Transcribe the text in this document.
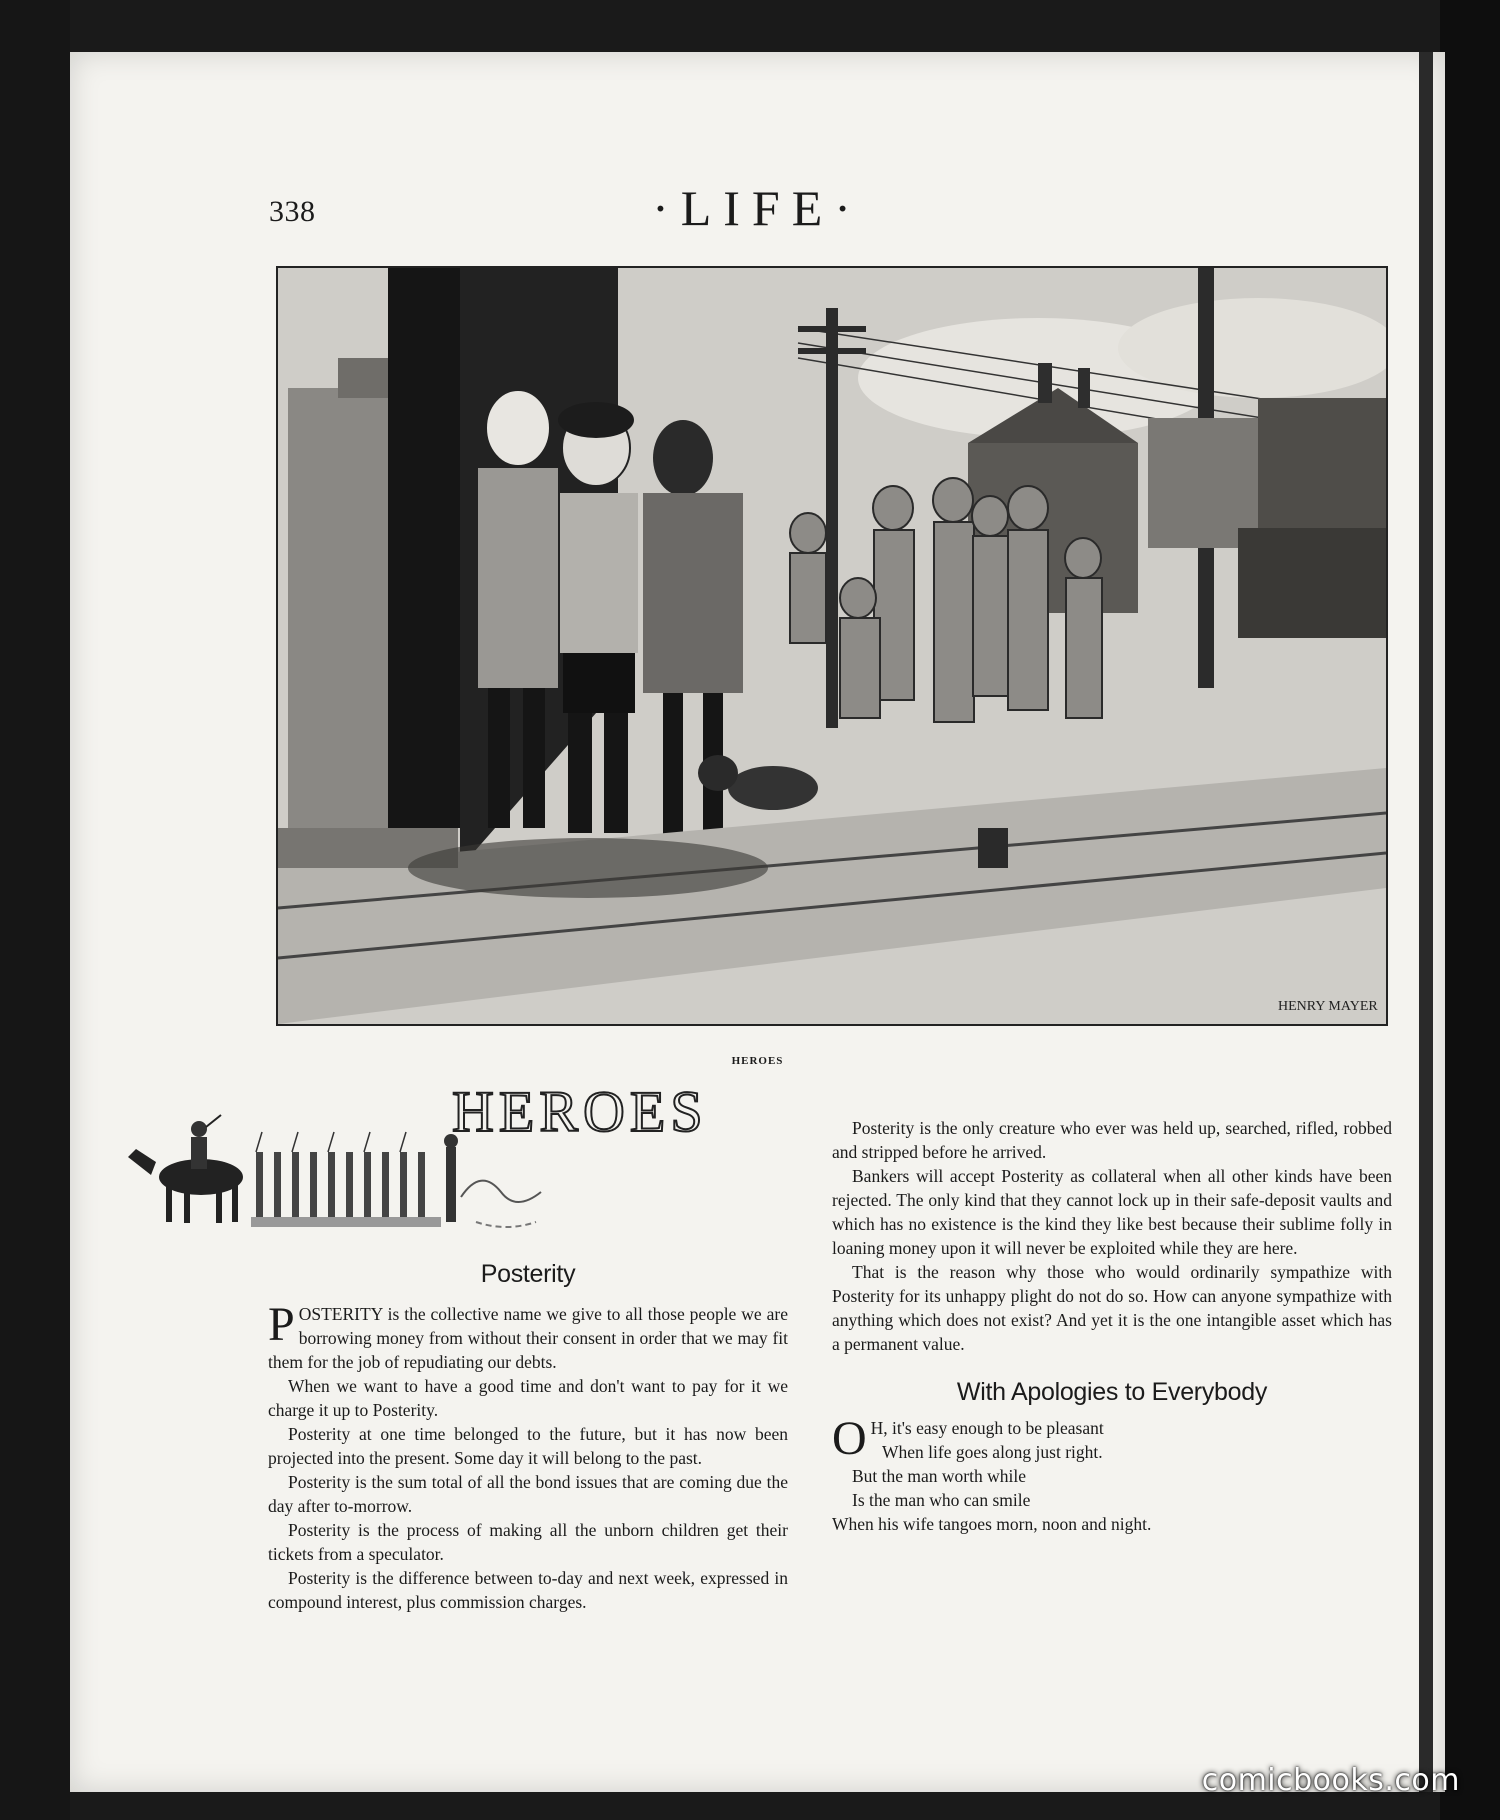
338	·LIFE·
HENRY MAYER
HEROES
HEROES
Posterity

POSTERITY is the collective name we give to all those people we are borrowing money from without their consent in order that we may fit them for the job of repudiating our debts.

When we want to have a good time and don't want to pay for it we charge it up to Posterity.

Posterity at one time belonged to the future, but it has now been projected into the present. Some day it will belong to the past.

Posterity is the sum total of all the bond issues that are coming due the day after to-morrow.

Posterity is the process of making all the unborn children get their tickets from a speculator.

Posterity is the difference between to-day and next week, expressed in compound interest, plus commission charges.

Posterity is the only creature who ever was held up, searched, rifled, robbed and stripped before he arrived.

Bankers will accept Posterity as collateral when all other kinds have been rejected. The only kind that they cannot lock up in their safe-deposit vaults and which has no existence is the kind they like best because their sublime folly in loaning money upon it will never be exploited while they are here.

That is the reason why those who would ordinarily sympathize with Posterity for its unhappy plight do not do so. How can anyone sympathize with anything which does not exist? And yet it is the one intangible asset which has a permanent value.

With Apologies to Everybody
O H, it's easy enough to be pleasant
When life goes along just right.
But the man worth while
Is the man who can smile
When his wife tangoes morn, noon and night.
comicbooks.com
